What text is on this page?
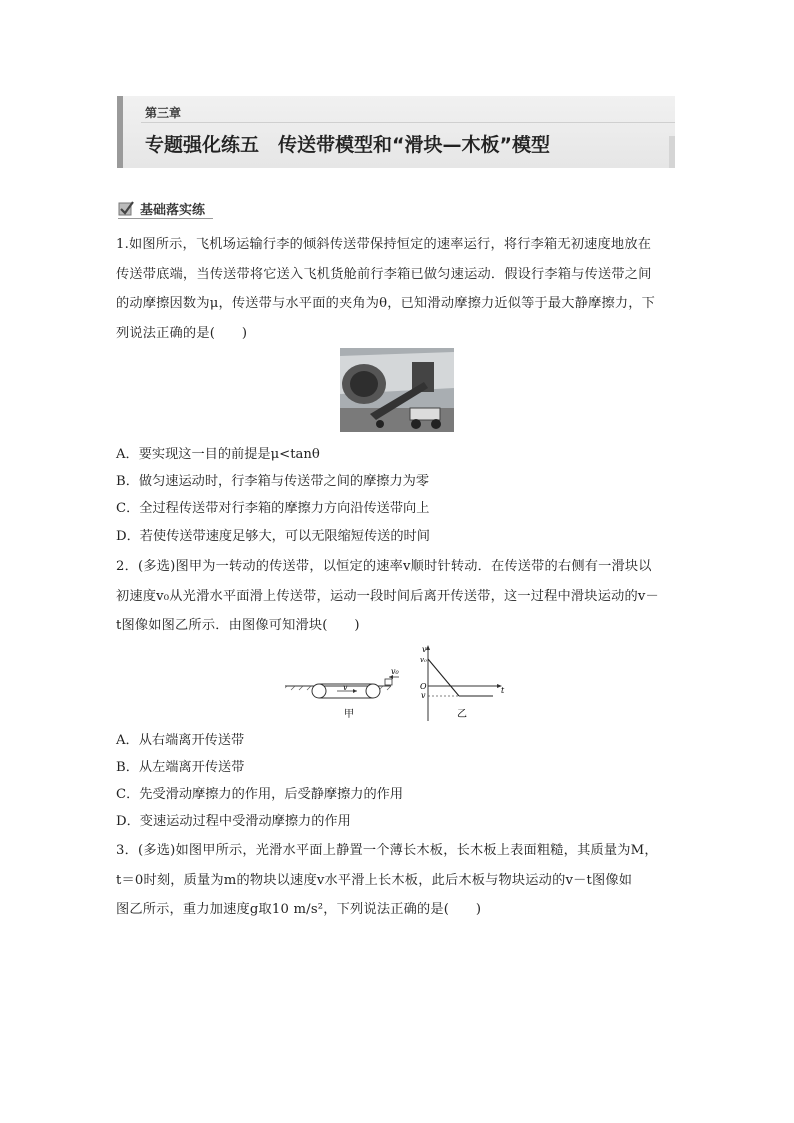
第三章
专题强化练五　传送带模型和“滑块—木板”模型
基础落实练
1.如图所示，飞机场运输行李的倾斜传送带保持恒定的速率运行，将行李箱无初速度地放在
传送带底端，当传送带将它送入飞机货舱前行李箱已做匀速运动．假设行李箱与传送带之间
的动摩擦因数为μ，传送带与水平面的夹角为θ，已知滑动摩擦力近似等于最大静摩擦力，下
列说法正确的是(　　)
A．要实现这一目的前提是μ<tanθ
B．做匀速运动时，行李箱与传送带之间的摩擦力为零
C．全过程传送带对行李箱的摩擦力方向沿传送带向上
D．若使传送带速度足够大，可以无限缩短传送的时间
2．(多选)图甲为一转动的传送带，以恒定的速率v顺时针转动．在传送带的右侧有一滑块以
初速度v₀从光滑水平面滑上传送带，运动一段时间后离开传送带，这一过程中滑块运动的v－
t图像如图乙所示．由图像可知滑块(　　)
v
v₀
甲
v
v₀
O	t
v
乙
A．从右端离开传送带
B．从左端离开传送带
C．先受滑动摩擦力的作用，后受静摩擦力的作用
D．变速运动过程中受滑动摩擦力的作用
3．(多选)如图甲所示，光滑水平面上静置一个薄长木板，长木板上表面粗糙，其质量为M，
t＝0时刻，质量为m的物块以速度v水平滑上长木板，此后木板与物块运动的v－t图像如
图乙所示，重力加速度g取10 m/s²，下列说法正确的是(　　)
